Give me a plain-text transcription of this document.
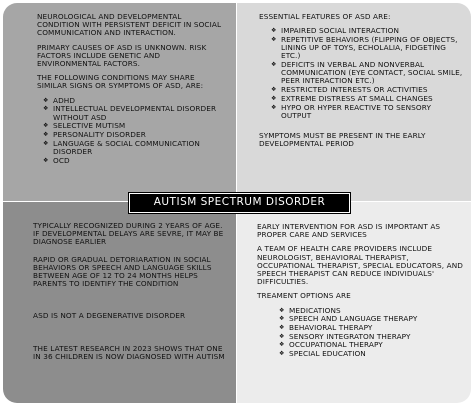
NEUROLOGICAL AND DEVELOPMENTAL CONDITION WITH PERSISTENT DEFICIT IN SOCIAL COMMUNICATION AND INTERACTION.

PRIMARY CAUSES OF ASD IS UNKNOWN. RISK FACTORS INCLUDE GENETIC AND ENVIRONMENTAL FACTORS.

THE FOLLOWING CONDITIONS MAY SHARE SIMILAR SIGNS OR SYMPTOMS OF ASD, ARE:

❖ ADHD
❖ INTELLECTUAL DEVELOPMENTAL DISORDER WITHOUT ASD
❖ SELECTIVE MUTISM
❖ PERSONALITY DISORDER
❖ LANGUAGE & SOCIAL COMMUNICATION DISORDER
❖ OCD

ESSENTIAL FEATURES OF ASD ARE:

❖ IMPAIRED SOCIAL INTERACTION
❖ REPETITIVE BEHAVIORS (FLIPPING OF OBJECTS, LINING UP OF TOYS, ECHOLALIA, FIDGETING ETC.)
❖ DEFICITS IN VERBAL AND NONVERBAL COMMUNICATION (EYE CONTACT, SOCIAL SMILE, PEER INTERACTION ETC.)
❖ RESTRICTED INTERESTS OR ACTIVITIES
❖ EXTREME DISTRESS AT SMALL CHANGES
❖ HYPO OR HYPER REACTIVE TO SENSORY OUTPUT

SYMPTOMS MUST BE PRESENT IN THE EARLY DEVELOPMENTAL PERIOD

TYPICALLY RECOGNIZED DURING 2 YEARS OF AGE. IF DEVELOPMENTAL DELAYS ARE SEVRE, IT MAY BE DIAGNOSE EARLIER

RAPID OR GRADUAL DETORIARATION IN SOCIAL BEHAVIORS OR SPEECH AND LANGUAGE SKILLS BETWEEN AGE OF 12 TO 24 MONTHS HELPS PARENTS TO IDENTIFY THE CONDITION

ASD IS NOT A DEGENERATIVE DISORDER

THE LATEST RESEARCH IN 2023 SHOWS THAT ONE IN 36 CHILDREN IS NOW DIAGNOSED WITH AUTISM

EARLY INTERVENTION FOR ASD IS IMPORTANT AS PROPER CARE AND SERVICES

A TEAM OF HEALTH CARE PROVIDERS INCLUDE NEUROLOGIST, BEHAVIORAL THERAPIST, OCCUPATIONAL THERAPIST, SPECIAL EDUCATORS, AND SPEECH THERAPIST CAN REDUCE INDIVIDUALS' DIFFICULTIES.

TREAMENT OPTIONS ARE

❖ MEDICATIONS
❖ SPEECH AND LANGUAGE THERAPY
❖ BEHAVIORAL THERAPY
❖ SENSORY INTEGRATON THERAPY
❖ OCCUPATIONAL THERAPY
❖ SPECIAL EDUCATION
AUTISM SPECTRUM DISORDER
